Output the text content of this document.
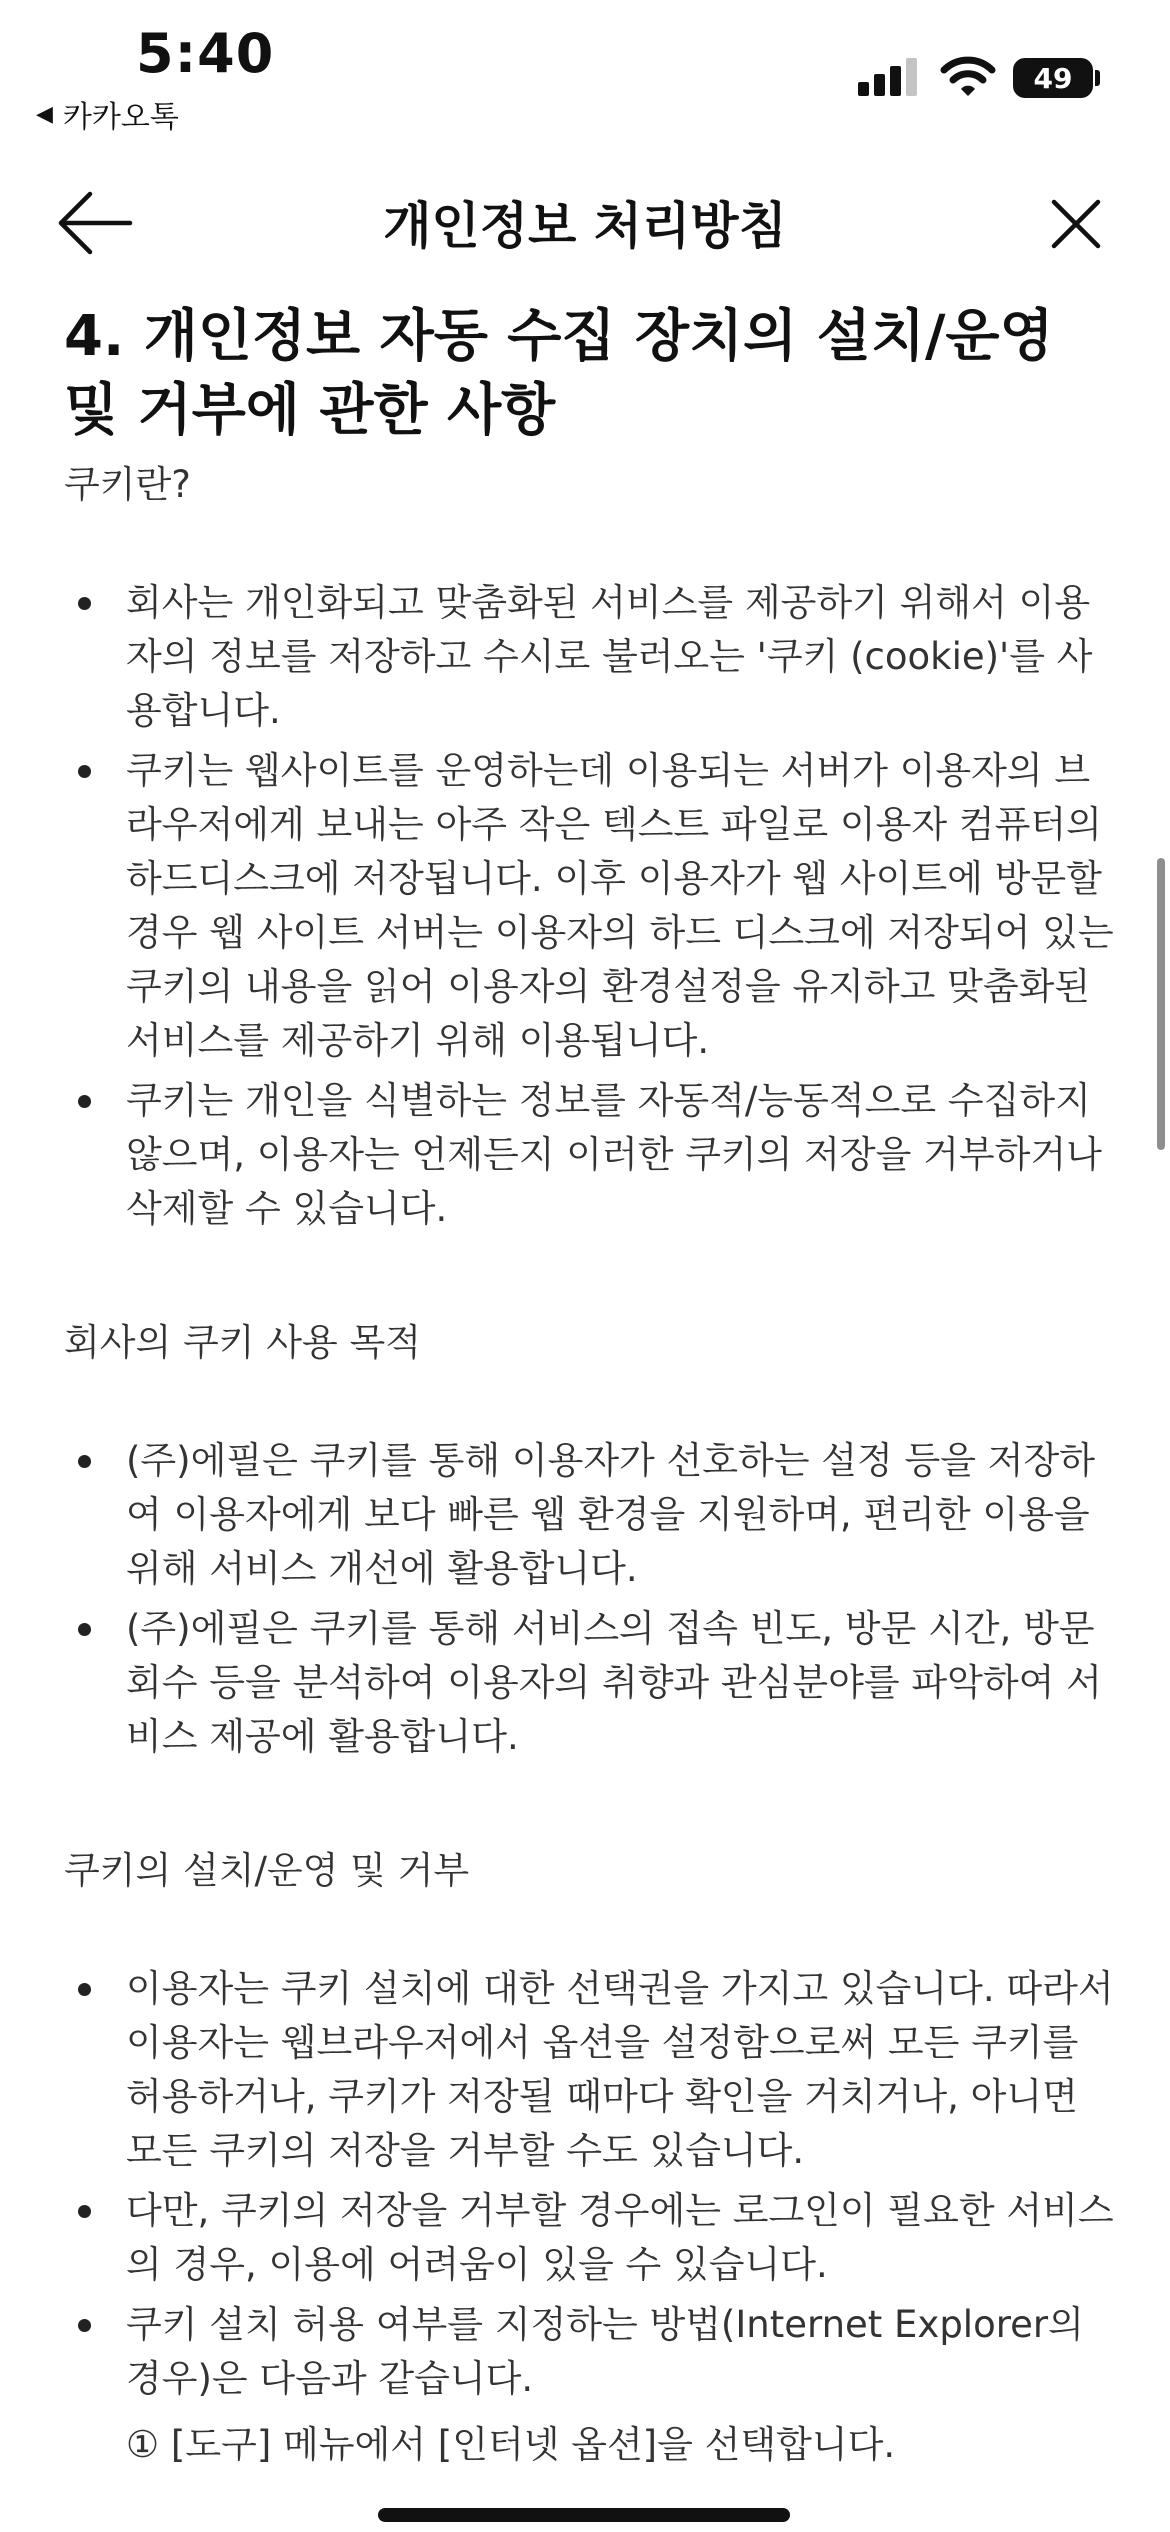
5:40
◀ 카카오톡
49
개인정보 처리방침
4. 개인정보 자동 수집 장치의 설치/운영 및 거부에 관한 사항
쿠키란?
회사는 개인화되고 맞춤화된 서비스를 제공하기 위해서 이용자의 정보를 저장하고 수시로 불러오는 '쿠키 (cookie)'를 사용합니다.
쿠키는 웹사이트를 운영하는데 이용되는 서버가 이용자의 브라우저에게 보내는 아주 작은 텍스트 파일로 이용자 컴퓨터의 하드디스크에 저장됩니다. 이후 이용자가 웹 사이트에 방문할 경우 웹 사이트 서버는 이용자의 하드 디스크에 저장되어 있는 쿠키의 내용을 읽어 이용자의 환경설정을 유지하고 맞춤화된 서비스를 제공하기 위해 이용됩니다.
쿠키는 개인을 식별하는 정보를 자동적/능동적으로 수집하지 않으며, 이용자는 언제든지 이러한 쿠키의 저장을 거부하거나 삭제할 수 있습니다.
회사의 쿠키 사용 목적
(주)에필은 쿠키를 통해 이용자가 선호하는 설정 등을 저장하여 이용자에게 보다 빠른 웹 환경을 지원하며, 편리한 이용을 위해 서비스 개선에 활용합니다.
(주)에필은 쿠키를 통해 서비스의 접속 빈도, 방문 시간, 방문 회수 등을 분석하여 이용자의 취향과 관심분야를 파악하여 서비스 제공에 활용합니다.
쿠키의 설치/운영 및 거부
이용자는 쿠키 설치에 대한 선택권을 가지고 있습니다. 따라서 이용자는 웹브라우저에서 옵션을 설정함으로써 모든 쿠키를 허용하거나, 쿠키가 저장될 때마다 확인을 거치거나, 아니면 모든 쿠키의 저장을 거부할 수도 있습니다.
다만, 쿠키의 저장을 거부할 경우에는 로그인이 필요한 서비스의 경우, 이용에 어려움이 있을 수 있습니다.
쿠키 설치 허용 여부를 지정하는 방법(Internet Explorer의 경우)은 다음과 같습니다.
① [도구] 메뉴에서 [인터넷 옵션]을 선택합니다.
